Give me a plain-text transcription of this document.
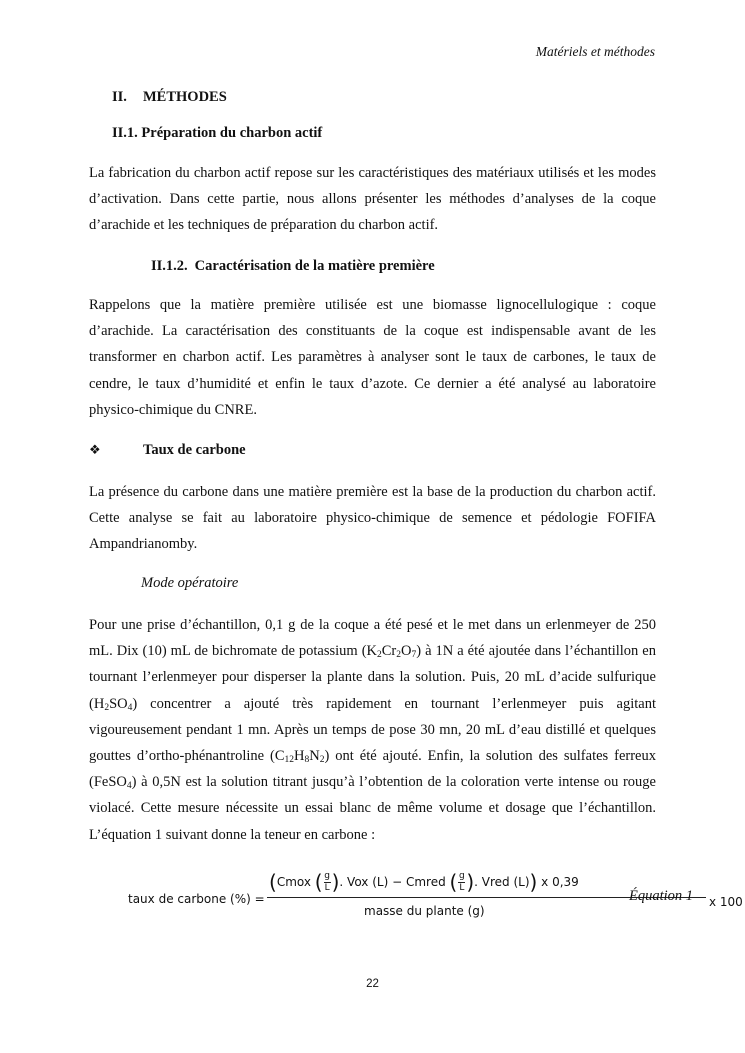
Matériels et méthodes
II. MÉTHODES
II.1. Préparation du charbon actif
La fabrication du charbon actif repose sur les caractéristiques des matériaux utilisés et les modes d’activation. Dans cette partie, nous allons présenter les méthodes d’analyses de la coque d’arachide et les techniques de préparation du charbon actif.
II.1.2. Caractérisation de la matière première
Rappelons que la matière première utilisée est une biomasse lignocellulogique : coque d’arachide. La caractérisation des constituants de la coque est indispensable avant de les transformer en charbon actif. Les paramètres à analyser sont le taux de carbones, le taux de cendre, le taux d’humidité et enfin le taux d’azote. Ce dernier a été analysé au laboratoire physico-chimique du CNRE.
❖	Taux de carbone
La présence du carbone dans une matière première est la base de la production du charbon actif. Cette analyse se fait au laboratoire physico-chimique de semence et pédologie FOFIFA Ampandrianomby.
Mode opératoire
Pour une prise d’échantillon, 0,1 g de la coque a été pesé et le met dans un erlenmeyer de 250 mL. Dix (10) mL de bichromate de potassium $(K_2Cr_2O_7)$ à 1N a été ajoutée dans l’échantillon en tournant l’erlenmeyer pour disperser la plante dans la solution. Puis, 20 mL d’acide sulfurique $(H_2SO_4)$ concentrer a ajouté très rapidement en tournant l’erlenmeyer puis agitant vigoureusement pendant 1 mn. Après un temps de pose 30 mn, 20 mL d’eau distillé et quelques gouttes d’ortho-phénantroline $(C_{12}H_8N_2)$ ont été ajouté. Enfin, la solution des sulfates ferreux (FeSO$_4$) à 0,5N est la solution titrant jusqu’à l’obtention de la coloration verte intense ou rouge violacé. Cette mesure nécessite un essai blanc de même volume et dosage que l’échantillon. L’équation 1 suivant donne la teneur en carbone :
taux de carbone (%) =
(Cmox ( $\frac{g}{L}$ ). Vox (L) − Cmred ( $\frac{g}{L}$ ). Vred (L)) x 0,39
masse du plante (g)
x 100
Équation 1
22
